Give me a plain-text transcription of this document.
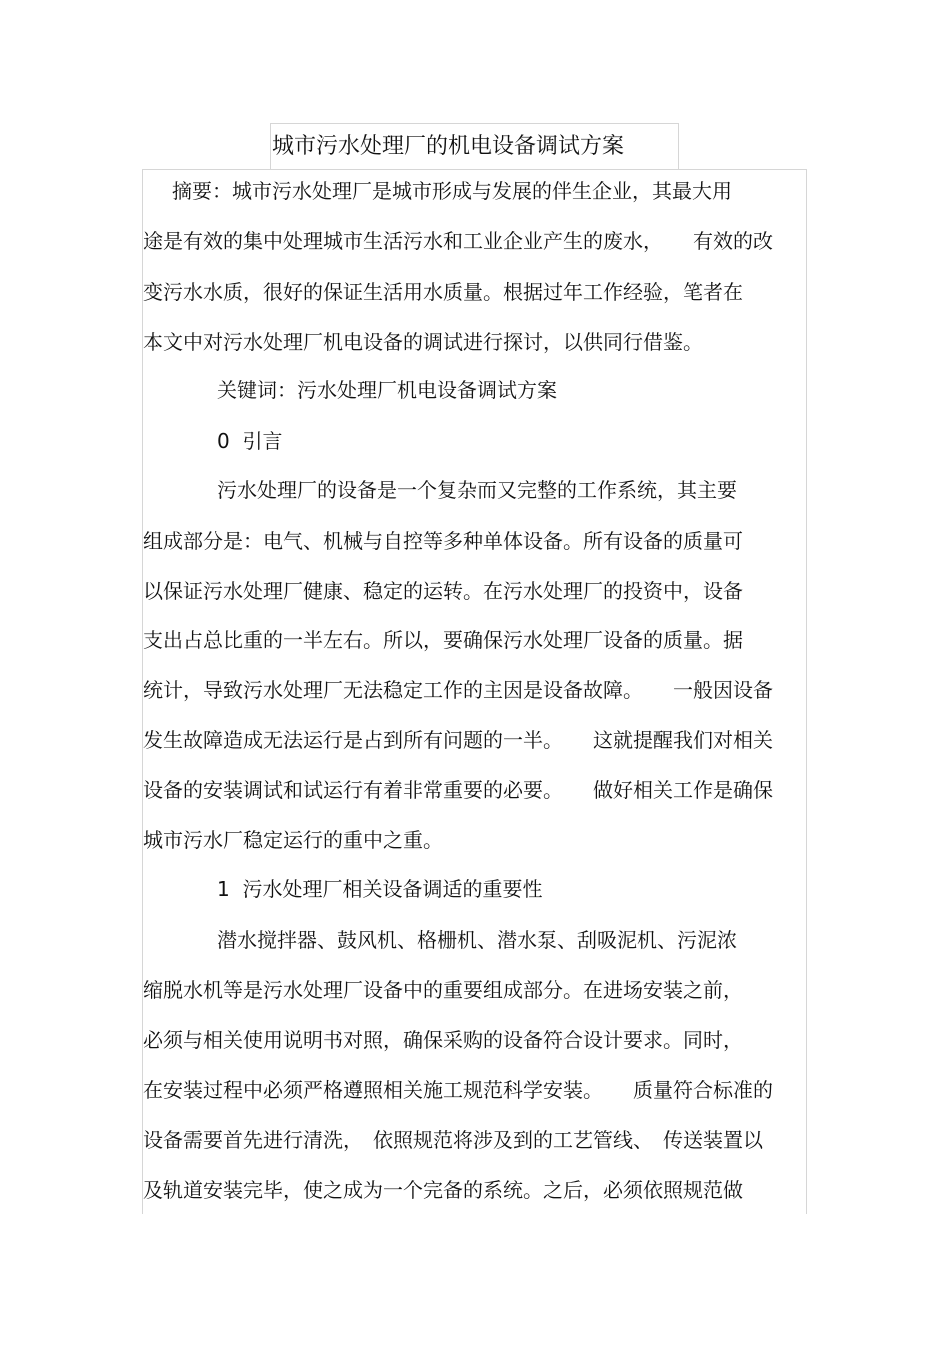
城市污水处理厂的机电设备调试方案
摘要：城市污水处理厂是城市形成与发展的伴生企业，其最大用
途是有效的集中处理城市生活污水和工业企业产生的废水，　　有效的改
变污水水质，很好的保证生活用水质量。根据过年工作经验，笔者在
本文中对污水处理厂机电设备的调试进行探讨，以供同行借鉴。
关键词：污水处理厂机电设备调试方案
0  引言
污水处理厂的设备是一个复杂而又完整的工作系统，其主要
组成部分是：电气、机械与自控等多种单体设备。所有设备的质量可
以保证污水处理厂健康、稳定的运转。在污水处理厂的投资中，设备
支出占总比重的一半左右。所以，要确保污水处理厂设备的质量。据
统计，导致污水处理厂无法稳定工作的主因是设备故障。　　一般因设备
发生故障造成无法运行是占到所有问题的一半。　　这就提醒我们对相关
设备的安装调试和试运行有着非常重要的必要。　　做好相关工作是确保
城市污水厂稳定运行的重中之重。
1  污水处理厂相关设备调适的重要性
潜水搅拌器、鼓风机、格栅机、潜水泵、刮吸泥机、污泥浓
缩脱水机等是污水处理厂设备中的重要组成部分。在进场安装之前，
必须与相关使用说明书对照，确保采购的设备符合设计要求。同时，
在安装过程中必须严格遵照相关施工规范科学安装。　　质量符合标准的
设备需要首先进行清洗，　依照规范将涉及到的工艺管线、　传送装置以
及轨道安装完毕，使之成为一个完备的系统。之后，必须依照规范做
